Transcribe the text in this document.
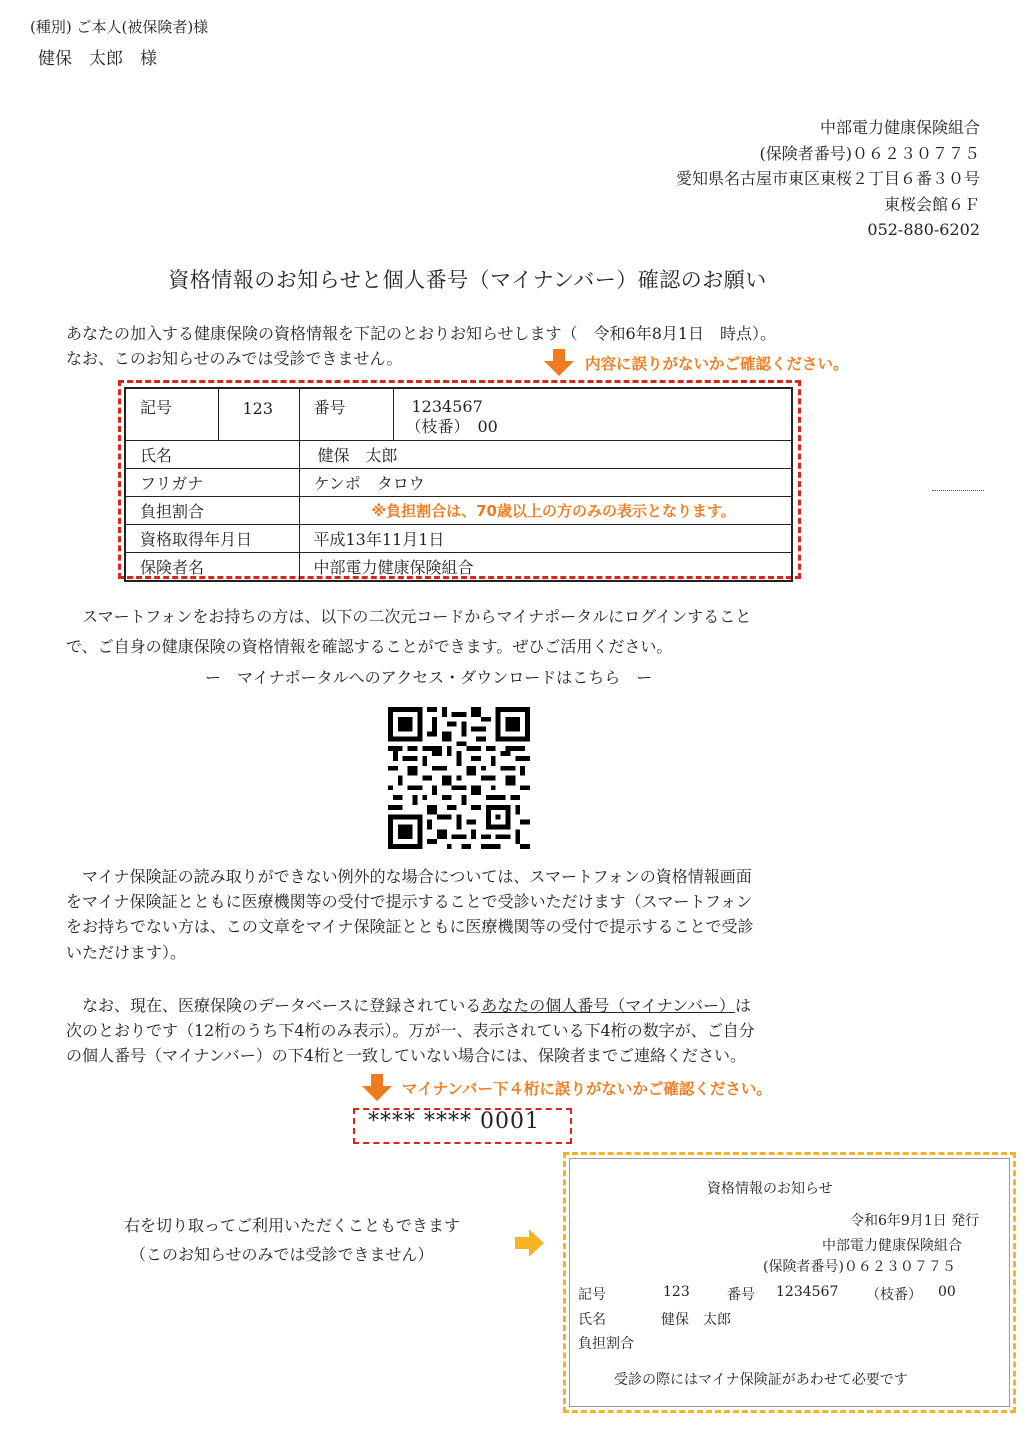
(種別) ご本人(被保険者)様
健保　太郎　様
中部電力健康保険組合
(保険者番号)０６２３０７７５
愛知県名古屋市東区東桜２丁目６番３０号
東桜会館６Ｆ
052-880-6202
資格情報のお知らせと個人番号（マイナンバー）確認のお願い
あなたの加入する健康保険の資格情報を下記のとおりお知らせします（　令和6年8月1日　時点）。
なお、このお知らせのみでは受診できません。	内容に誤りがないかご確認ください。
記号	123	番号	1234567
（枝番）　00

氏名		健保　太郎	
フリガナ		ケンポ　タロウ	
負担割合		※負担割合は、70歳以上の方のみの表示となります。	
資格取得年月日		平成13年11月1日	
保険者名		中部電力健康保険組合	
　スマートフォンをお持ちの方は、以下の二次元コードからマイナポータルにログインすること
で、ご自身の健康保険の資格情報を確認することができます。ぜひご活用ください。
ー　マイナポータルへのアクセス・ダウンロードはこちら　ー
　マイナ保険証の読み取りができない例外的な場合については、スマートフォンの資格情報画面
をマイナ保険証とともに医療機関等の受付で提示することで受診いただけます（スマートフォン
をお持ちでない方は、この文章をマイナ保険証とともに医療機関等の受付で提示することで受診
いただけます）。
　なお、現在、医療保険のデータベースに登録されているあなたの個人番号（マイナンバー）は
次のとおりです（12桁のうち下4桁のみ表示）。万が一、表示されている下4桁の数字が、ご自分
の個人番号（マイナンバー）の下4桁と一致していない場合には、保険者までご連絡ください。
マイナンバー下４桁に誤りがないかご確認ください。
**** **** 0001
右を切り取ってご利用いただくこともできます
（このお知らせのみでは受診できません）
資格情報のお知らせ
令和6年9月1日 発行
中部電力健康保険組合
(保険者番号)０６２３０７７５
記号	123	番号 1234567 （枝番） 00
氏名	健保　太郎
負担割合
受診の際にはマイナ保険証があわせて必要です
